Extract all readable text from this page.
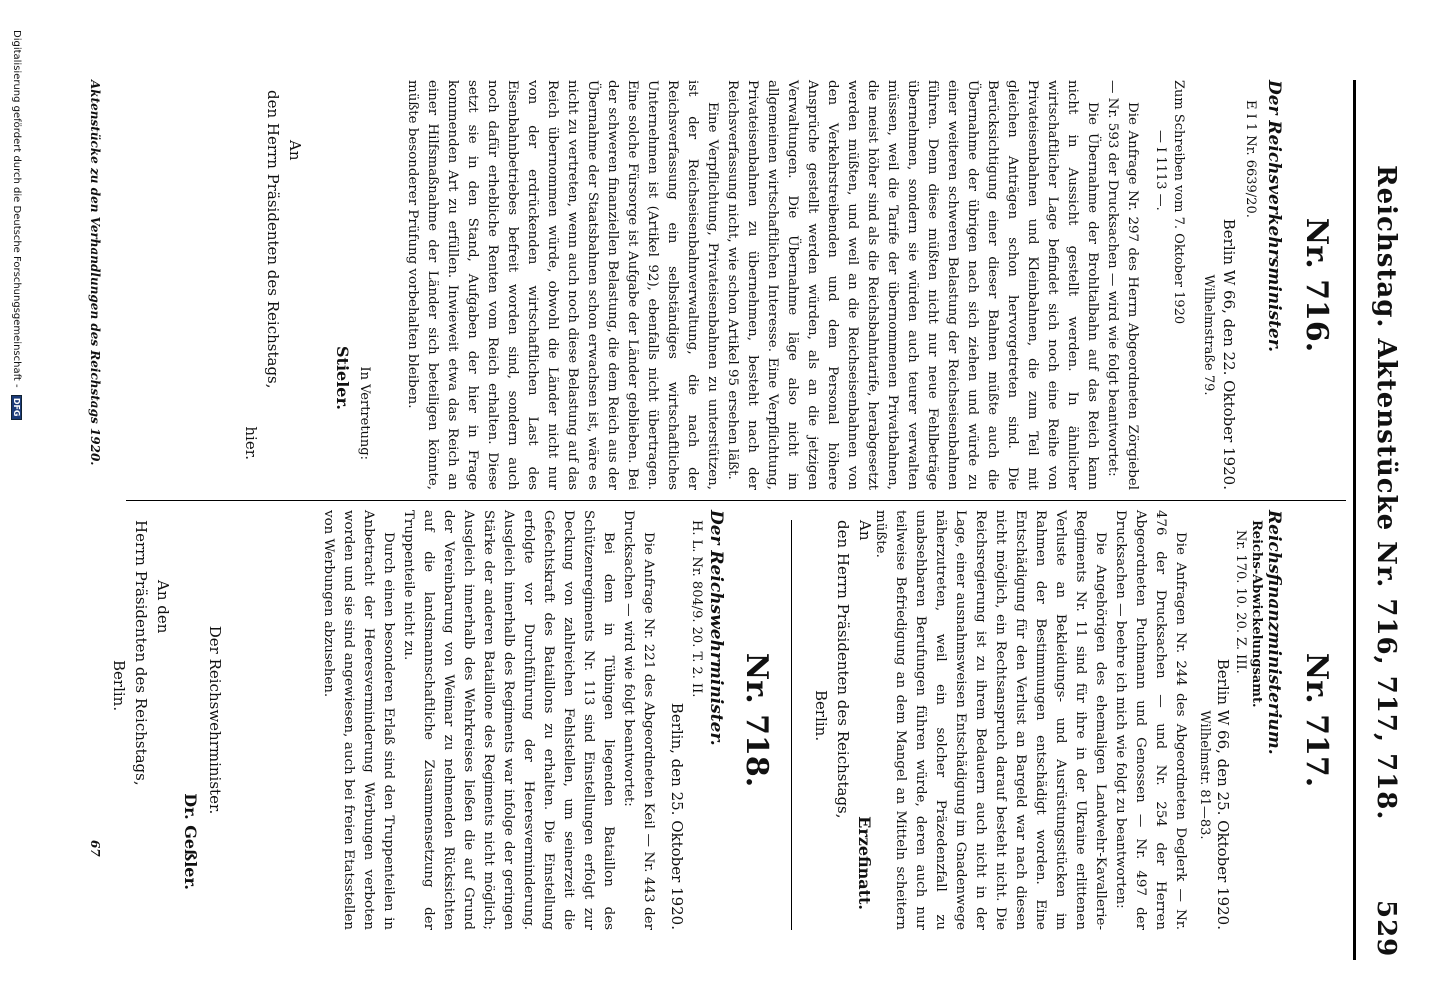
Reichstag. Aktenstücke Nr. 716, 717, 718.
529
Nr. 716.
Der Reichsverkehrsminister.
E I 1 Nr. 6639/20.
Berlin W 66, den 22. Oktober 1920.
Wilhelmstraße 79.
Zum Schreiben vom 7. Oktober 1920
— I 1113 —.

Die Anfrage Nr. 297 des Herrn Abgeordneten Zörgiebel — Nr. 593 der Drucksachen — wird wie folgt beantwortet:

Die Übernahme der Brohltalbahn auf das Reich kann nicht in Aussicht gestellt werden. In ähnlicher wirtschaftlicher Lage befindet sich noch eine Reihe von Privateisenbahnen und Kleinbahnen, die zum Teil mit gleichen Anträgen schon hervorgetreten sind. Die Berücksichtigung einer dieser Bahnen müßte auch die Übernahme der übrigen nach sich ziehen und würde zu einer weiteren schweren Belastung der Reichseisenbahnen führen. Denn diese müßten nicht nur neue Fehlbeträge übernehmen, sondern sie würden auch teurer verwalten müssen, weil die Tarife der übernommenen Privatbahnen, die meist höher sind als die Reichsbahntarife, herabgesetzt werden müßten, und weil an die Reichseisenbahnen von den Verkehrstreibenden und dem Personal höhere Ansprüche gestellt werden würden, als an die jetzigen Verwaltungen. Die Übernahme läge also nicht im allgemeinen wirtschaftlichen Interesse. Eine Verpflichtung, Privateisenbahnen zu übernehmen, besteht nach der Reichsverfassung nicht, wie schon Artikel 95 ersehen läßt.

Eine Verpflichtung, Privateisenbahnen zu unterstützen, ist der Reichseisenbahnverwaltung, die nach der Reichsverfassung ein selbständiges wirtschaftliches Unternehmen ist (Artikel 92), ebenfalls nicht übertragen. Eine solche Fürsorge ist Aufgabe der Länder geblieben. Bei der schweren finanziellen Belastung, die dem Reich aus der Übernahme der Staatsbahnen schon erwachsen ist, wäre es nicht zu vertreten, wenn auch noch diese Belastung auf das Reich übernommen würde, obwohl die Länder nicht nur von der erdrückenden wirtschaftlichen Last des Eisenbahnbetriebes befreit worden sind, sondern auch noch dafür erhebliche Renten vom Reich erhalten. Diese setzt sie in den Stand, Aufgaben der hier in Frage kommenden Art zu erfüllen. Inwieweit etwa das Reich an einer Hilfsmaßnahme der Länder sich beteiligen könnte, müßte besonderer Prüfung vorbehalten bleiben.

In Vertretung:
Stieler.
An
den Herrn Präsidenten des Reichstags,
hier.
Nr. 717.
Reichsfinanzministerium.
Reichs-Abwickelungsamt.
Nr. 170. 10. 20. Z. III.
Berlin W 66, den 25. Oktober 1920.
Wilhelmstr. 81—83.

Die Anfragen Nr. 244 des Abgeordneten Deglerk — Nr. 476 der Drucksachen — und Nr. 254 der Herren Abgeordneten Puchmann und Genossen — Nr. 497 der Drucksachen — beehre ich mich wie folgt zu beantworten:

Die Angehörigen des ehemaligen Landwehr-Kavallerie-Regiments Nr. 11 sind für ihre in der Ukraine erlittenen Verluste an Bekleidungs- und Ausrüstungsstücken im Rahmen der Bestimmungen entschädigt worden. Eine Entschädigung für den Verlust an Bargeld war nach diesen nicht möglich, ein Rechtsanspruch darauf besteht nicht. Die Reichsregierung ist zu ihrem Bedauern auch nicht in der Lage, einer ausnahmsweisen Entschädigung im Gnadenwege näherzutreten, weil ein solcher Präzedenzfall zu unabsehbaren Berufungen führen würde, deren auch nur teilweise Befriedigung an dem Mangel an Mitteln scheitern müßte.

An
den Herrn Präsidenten des Reichstags,
Berlin.
Erzefinatt.
Nr. 718.
Der Reichswehrminister.
H. L. Nr. 804/9. 20. T. 2. II.
Berlin, den 25. Oktober 1920.

Die Anfrage Nr. 221 des Abgeordneten Keil — Nr. 443 der Drucksachen — wird wie folgt beantwortet:

Bei dem in Tübingen liegenden Bataillon des Schützenregiments Nr. 113 sind Einstellungen erfolgt zur Deckung von zahlreichen Fehlstellen, um seinerzeit die Gefechtskraft des Bataillons zu erhalten. Die Einstellung erfolgte vor Durchführung der Heeresverminderung. Ausgleich innerhalb des Regiments war infolge der geringen Stärke der anderen Bataillone des Regiments nicht möglich; Ausgleich innerhalb des Wehrkreises ließen die auf Grund der Vereinbarung von Weimar zu nehmenden Rücksichten auf die landsmannschaftliche Zusammensetzung der Truppenteile nicht zu.

Durch einen besonderen Erlaß sind den Truppenteilen in Anbetracht der Heeresverminderung Werbungen verboten worden und sie sind angewiesen, auch bei freien Etatsstellen von Werbungen abzusehen.

Der Reichswehrminister.
Dr. Geßler.
An den
Herrn Präsidenten des Reichstags,
Berlin.
Aktenstücke zu den Verhandlungen des Reichstags 1920.
67
Digitalisierung gefördert durch die Deutsche Forschungsgemeinschaft - DFG
